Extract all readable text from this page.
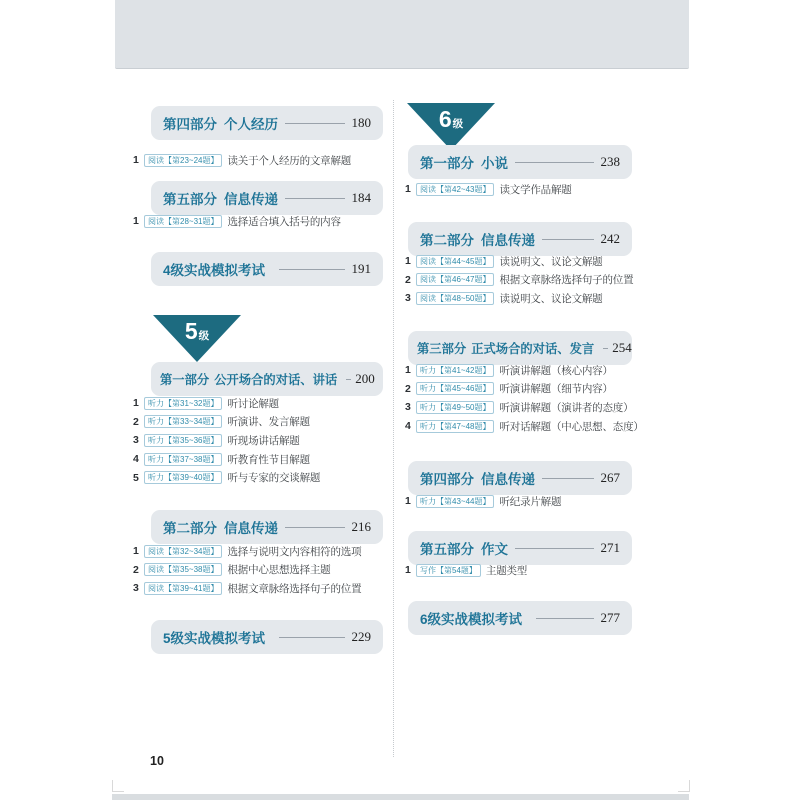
第四部分 个人经历	180
1	阅读【第23~24题】 读关于个人经历的文章解题
第五部分 信息传递	184
1	阅读【第28~31题】 选择适合填入括号的内容
4级实战模拟考试	191
5 级
第一部分 公开场合的对话、讲话 200
1	听力【第31~32题】 听讨论解题
2	听力【第33~34题】 听演讲、发言解题
3	听力【第35~36题】 听现场讲话解题
4	听力【第37~38题】 听教育性节目解题
5	听力【第39~40题】 听与专家的交谈解题
第二部分 信息传递	216
1	阅读【第32~34题】 选择与说明文内容相符的选项
2	阅读【第35~38题】 根据中心思想选择主题
3	阅读【第39~41题】 根据文章脉络选择句子的位置
5级实战模拟考试	229
6 级
第一部分 小说	238
1	阅读【第42~43题】 读文学作品解题
第二部分 信息传递	242
1	阅读【第44~45题】 读说明文、议论文解题
2	阅读【第46~47题】 根据文章脉络选择句子的位置
3	阅读【第48~50题】 读说明文、议论文解题
第三部分 正式场合的对话、发言 254
1	听力【第41~42题】 听演讲解题（核心内容）
2	听力【第45~46题】 听演讲解题（细节内容）
3	听力【第49~50题】 听演讲解题（演讲者的态度）
4	听力【第47~48题】 听对话解题（中心思想、态度）
第四部分 信息传递	267
1	听力【第43~44题】 听纪录片解题
第五部分 作文	271
1	写作【第54题】 主题类型
6级实战模拟考试	277
10
